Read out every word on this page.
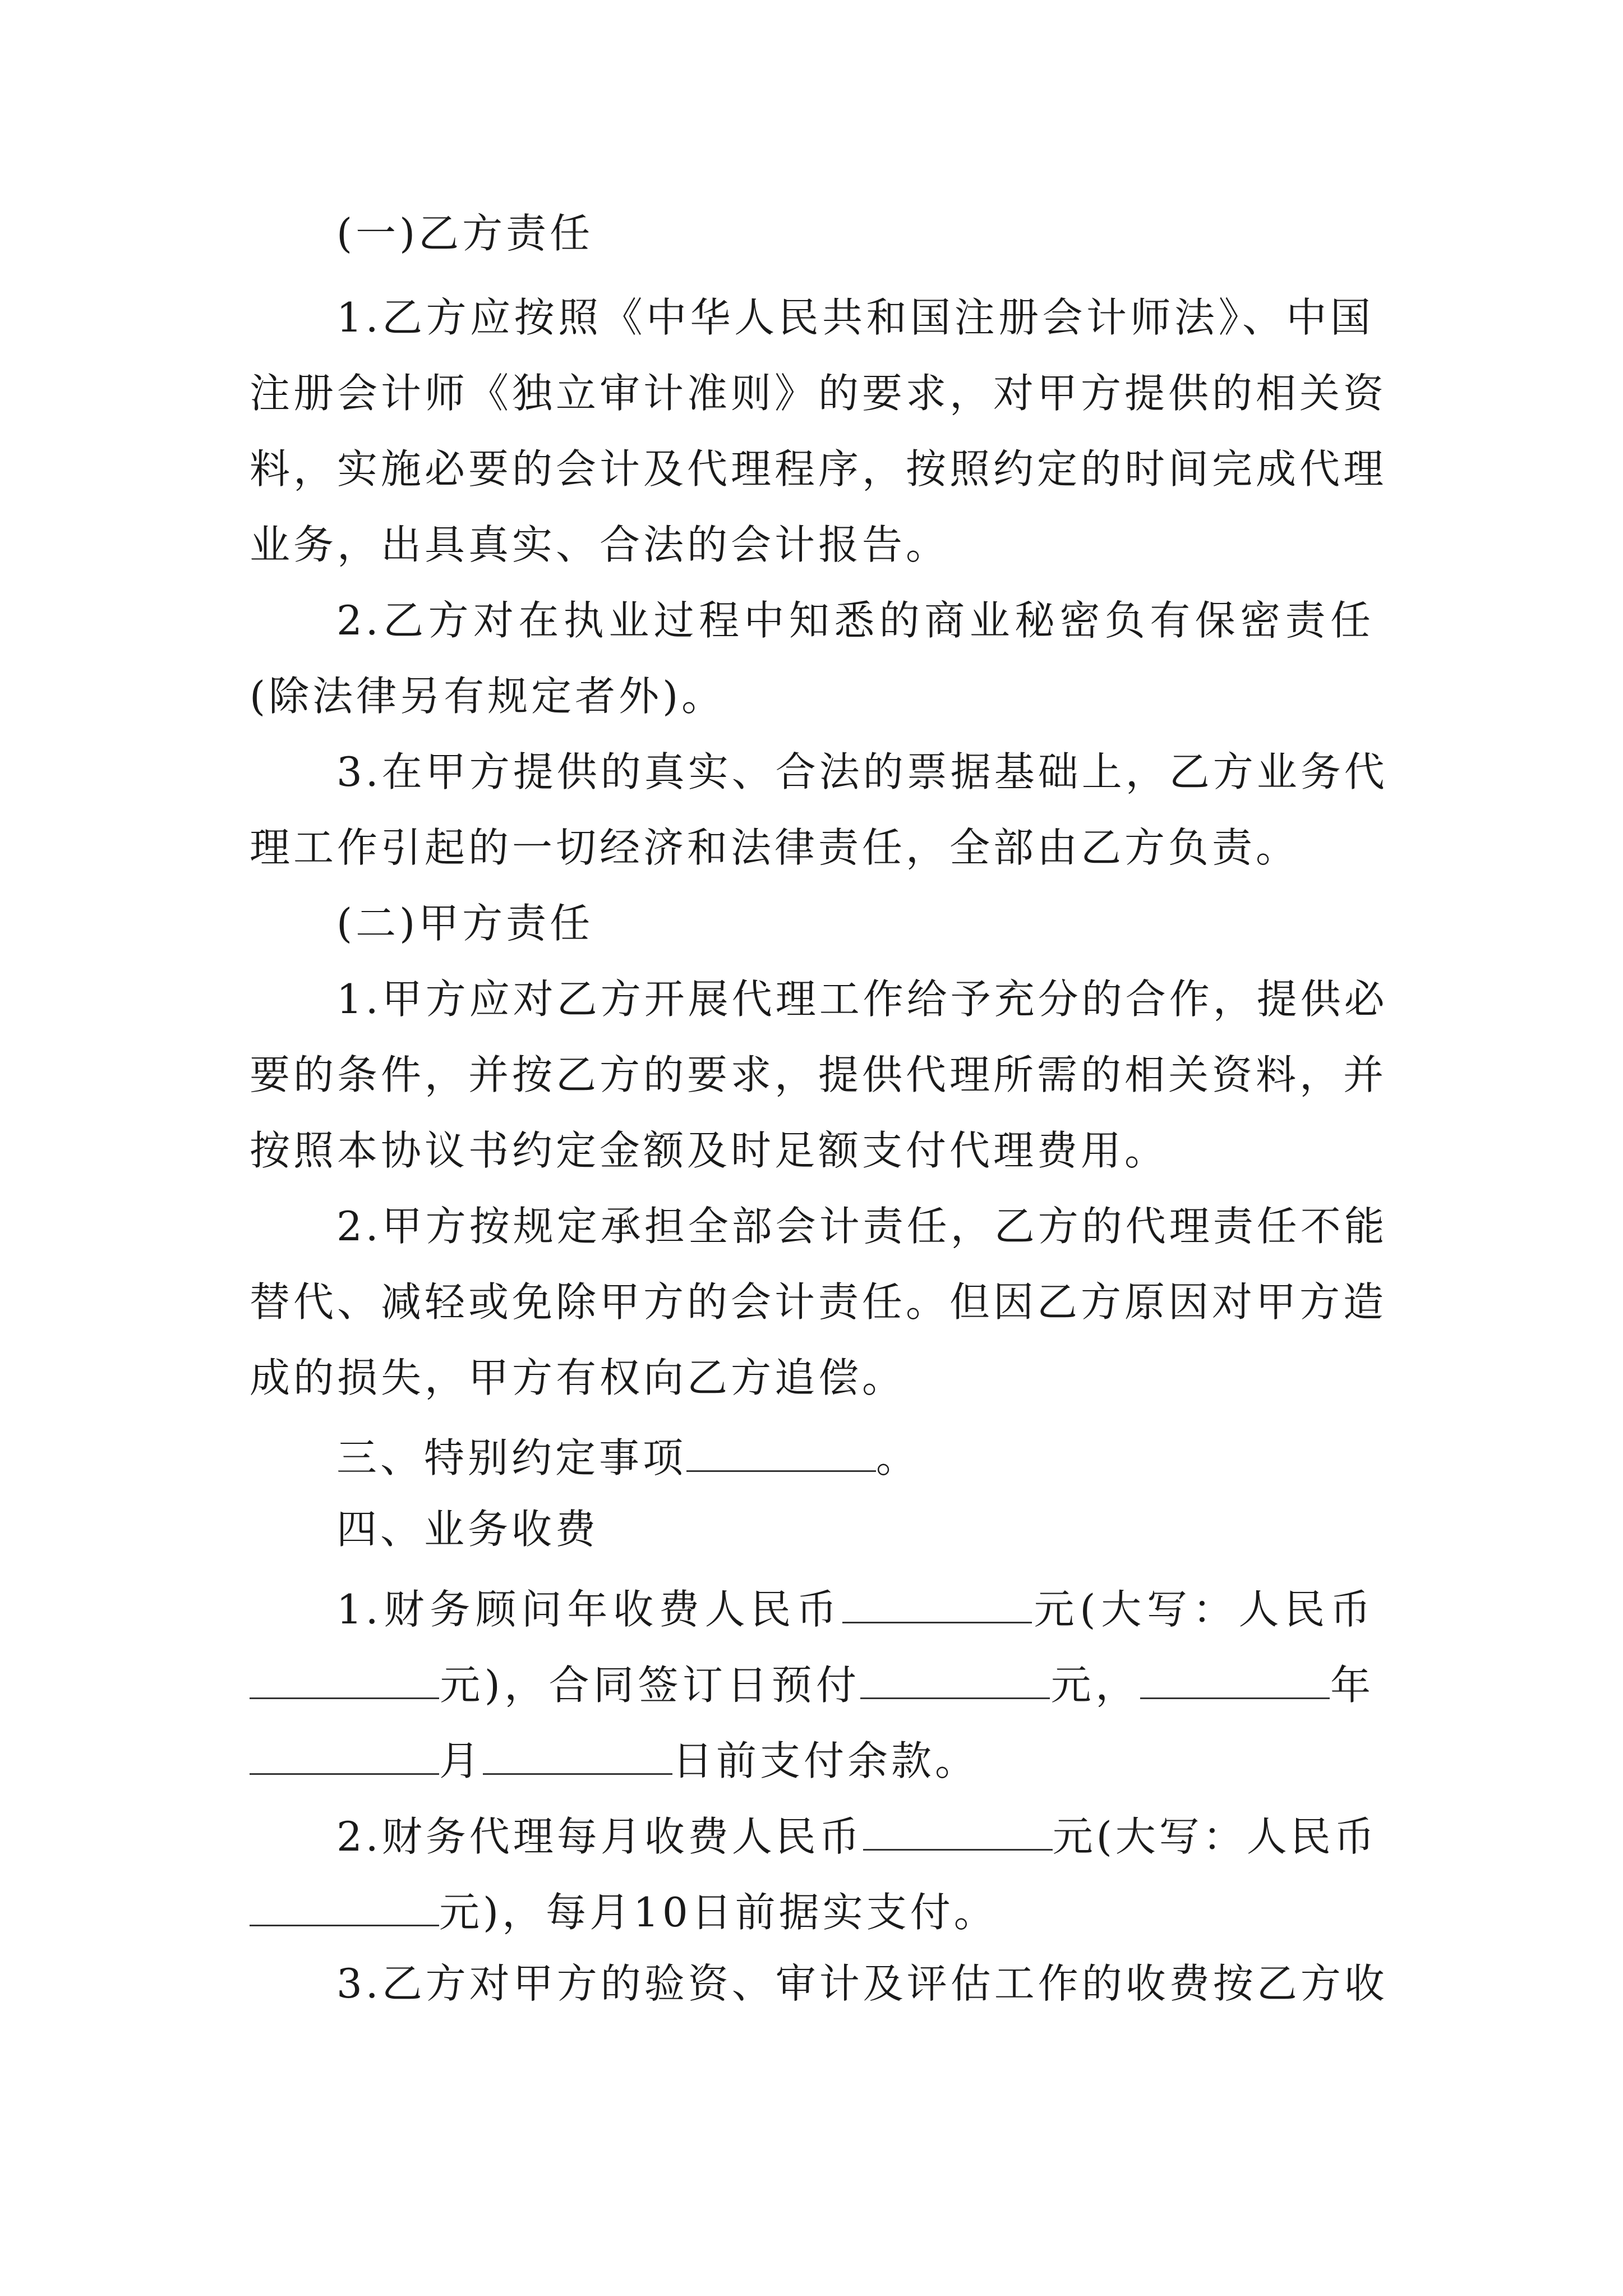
(一)乙方责任
1.乙方应按照《中华人民共和国注册会计师法》、中国
注册会计师《独立审计准则》的要求，对甲方提供的相关资
料，实施必要的会计及代理程序，按照约定的时间完成代理
业务，出具真实、合法的会计报告。
2.乙方对在执业过程中知悉的商业秘密负有保密责任
(除法律另有规定者外)。
3.在甲方提供的真实、合法的票据基础上，乙方业务代
理工作引起的一切经济和法律责任，全部由乙方负责。
(二)甲方责任
1.甲方应对乙方开展代理工作给予充分的合作，提供必
要的条件，并按乙方的要求，提供代理所需的相关资料，并
按照本协议书约定金额及时足额支付代理费用。
2.甲方按规定承担全部会计责任，乙方的代理责任不能
替代、减轻或免除甲方的会计责任。但因乙方原因对甲方造
成的损失，甲方有权向乙方追偿。
三、特别约定事项	。
四、业务收费
1.财务顾问年收费人民币	元(大写：人民币
元)，合同签订日预付	元，	年
月	日前支付余款。
2.财务代理每月收费人民币	元(大写：人民币
元)，每月10日前据实支付。
3.乙方对甲方的验资、审计及评估工作的收费按乙方收
